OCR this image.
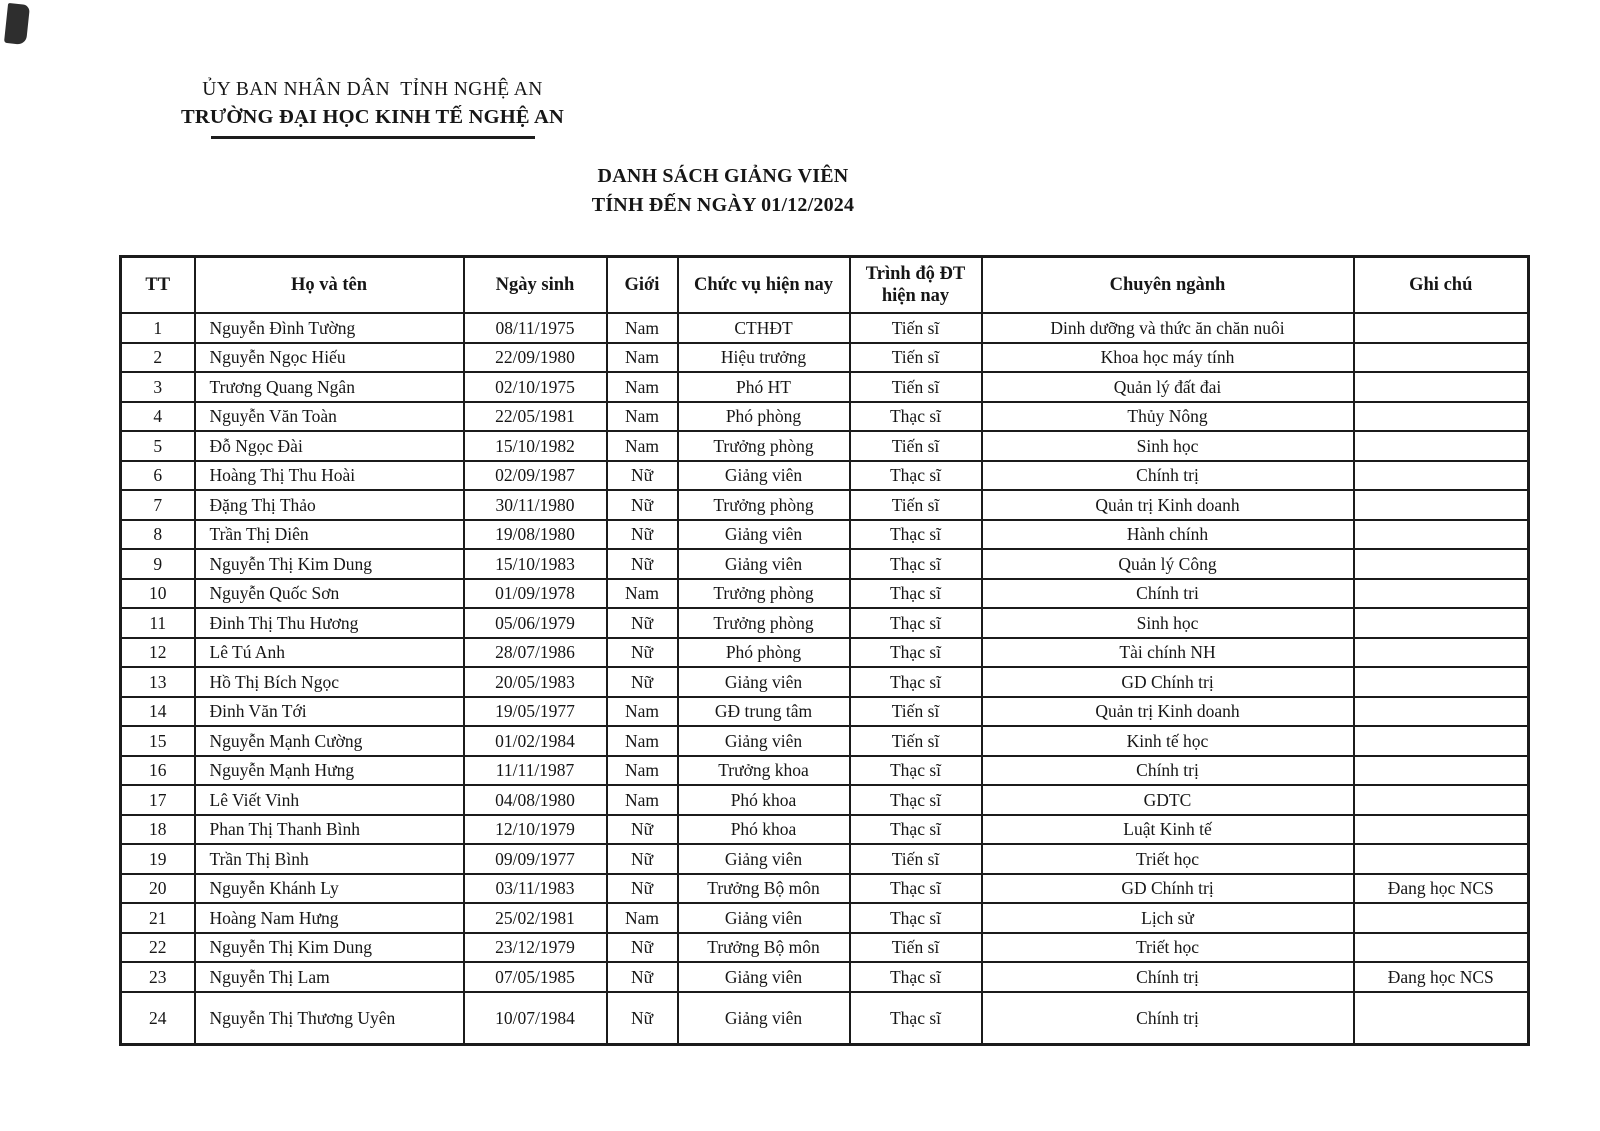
ỦY BAN NHÂN DÂN  TỈNH NGHỆ AN
TRƯỜNG ĐẠI HỌC KINH TẾ NGHỆ AN
DANH SÁCH GIẢNG VIÊN
TÍNH ĐẾN NGÀY 01/12/2024
TT	Họ và tên	Ngày sinh	Giới	Chức vụ hiện nay	Trình độ ĐT hiện nay	Chuyên ngành	Ghi chú
1	Nguyễn Đình Tường	08/11/1975	Nam	CTHĐT	Tiến sĩ	Dinh dưỡng và thức ăn chăn nuôi	
2	Nguyễn Ngọc Hiếu	22/09/1980	Nam	Hiệu trưởng	Tiến sĩ	Khoa học máy tính	
3	Trương Quang Ngân	02/10/1975	Nam	Phó HT	Tiến sĩ	Quản lý đất đai	
4	Nguyễn Văn Toàn	22/05/1981	Nam	Phó phòng	Thạc sĩ	Thủy Nông	
5	Đỗ Ngọc Đài	15/10/1982	Nam	Trưởng phòng	Tiến sĩ	Sinh học	
6	Hoàng Thị Thu Hoài	02/09/1987	Nữ	Giảng viên	Thạc sĩ	Chính trị	
7	Đặng Thị Thảo	30/11/1980	Nữ	Trưởng phòng	Tiến sĩ	Quản trị Kinh doanh	
8	Trần Thị Diên	19/08/1980	Nữ	Giảng viên	Thạc sĩ	Hành chính	
9	Nguyễn Thị Kim Dung	15/10/1983	Nữ	Giảng viên	Thạc sĩ	Quản lý Công	
10	Nguyễn Quốc Sơn	01/09/1978	Nam	Trưởng phòng	Thạc sĩ	Chính tri	
11	Đinh Thị Thu Hương	05/06/1979	Nữ	Trưởng phòng	Thạc sĩ	Sinh học	
12	Lê Tú Anh	28/07/1986	Nữ	Phó phòng	Thạc sĩ	Tài chính NH	
13	Hồ Thị Bích Ngọc	20/05/1983	Nữ	Giảng viên	Thạc sĩ	GD Chính trị	
14	Đinh Văn Tới	19/05/1977	Nam	GĐ trung tâm	Tiến sĩ	Quản trị Kinh doanh	
15	Nguyễn Mạnh Cường	01/02/1984	Nam	Giảng viên	Tiến sĩ	Kinh tế học	
16	Nguyễn Mạnh Hưng	11/11/1987	Nam	Trưởng khoa	Thạc sĩ	Chính trị	
17	Lê Viết Vinh	04/08/1980	Nam	Phó khoa	Thạc sĩ	GDTC	
18	Phan Thị Thanh Bình	12/10/1979	Nữ	Phó khoa	Thạc sĩ	Luật Kinh tế	
19	Trần Thị Bình	09/09/1977	Nữ	Giảng viên	Tiến sĩ	Triết học	
20	Nguyễn Khánh Ly	03/11/1983	Nữ	Trưởng Bộ môn	Thạc sĩ	GD Chính trị	Đang học NCS
21	Hoàng Nam Hưng	25/02/1981	Nam	Giảng viên	Thạc sĩ	Lịch sử	
22	Nguyễn Thị Kim Dung	23/12/1979	Nữ	Trưởng Bộ môn	Tiến sĩ	Triết học	
23	Nguyễn Thị Lam	07/05/1985	Nữ	Giảng viên	Thạc sĩ	Chính trị	Đang học NCS
24	Nguyễn Thị Thương Uyên	10/07/1984	Nữ	Giảng viên	Thạc sĩ	Chính trị	
